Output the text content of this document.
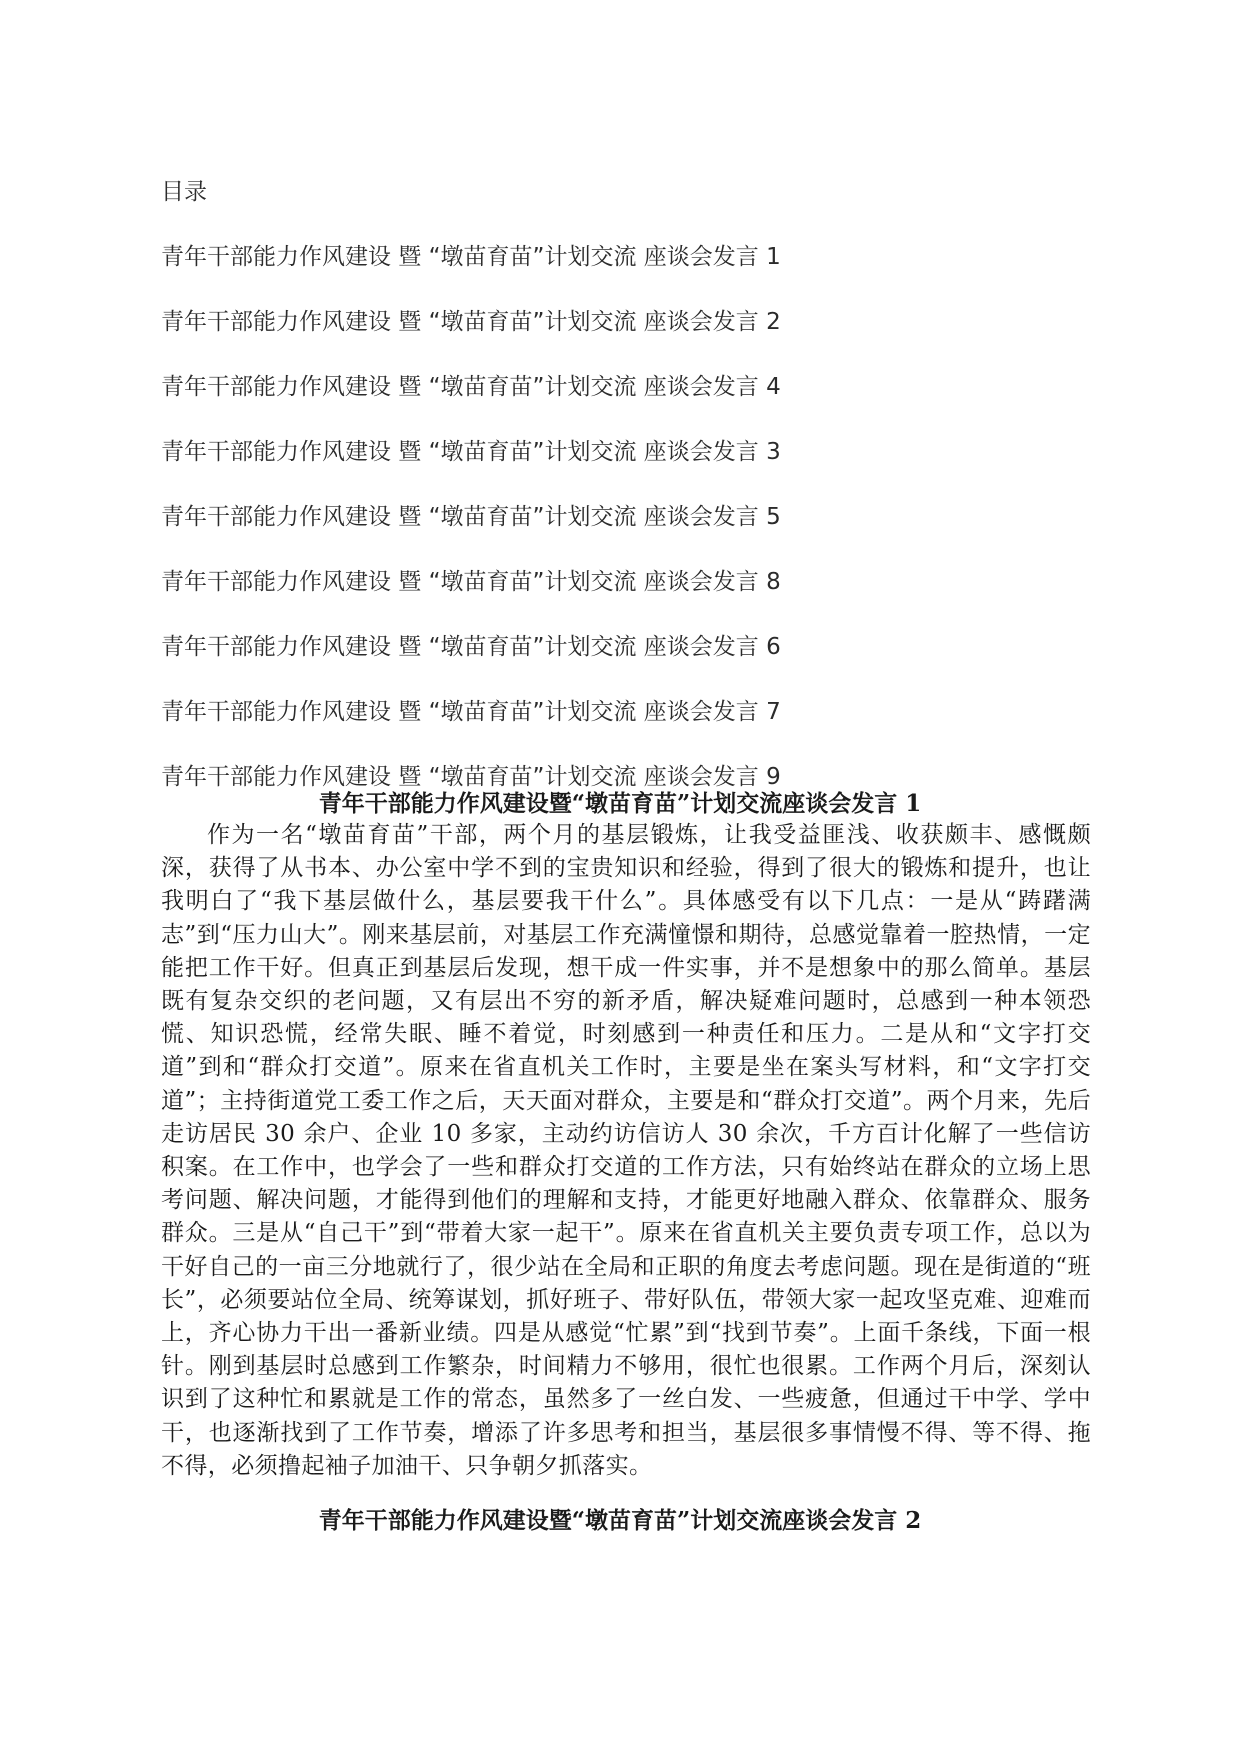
目录
青年干部能力作风建设 暨 “墩苗育苗”计划交流 座谈会发言 1
青年干部能力作风建设 暨 “墩苗育苗”计划交流 座谈会发言 2
青年干部能力作风建设 暨 “墩苗育苗”计划交流 座谈会发言 4
青年干部能力作风建设 暨 “墩苗育苗”计划交流 座谈会发言 3
青年干部能力作风建设 暨 “墩苗育苗”计划交流 座谈会发言 5
青年干部能力作风建设 暨 “墩苗育苗”计划交流 座谈会发言 8
青年干部能力作风建设 暨 “墩苗育苗”计划交流 座谈会发言 6
青年干部能力作风建设 暨 “墩苗育苗”计划交流 座谈会发言 7
青年干部能力作风建设 暨 “墩苗育苗”计划交流 座谈会发言 9
青年干部能力作风建设暨“墩苗育苗”计划交流座谈会发言 1

作为一名“墩苗育苗”干部，两个月的基层锻炼，让我受益匪浅、收获颇丰、感慨颇深，获得了从书本、办公室中学不到的宝贵知识和经验，得到了很大的锻炼和提升，也让我明白了“我下基层做什么，基层要我干什么”。具体感受有以下几点：一是从“踌躇满志”到“压力山大”。刚来基层前，对基层工作充满憧憬和期待，总感觉靠着一腔热情，一定能把工作干好。但真正到基层后发现，想干成一件实事，并不是想象中的那么简单。基层既有复杂交织的老问题，又有层出不穷的新矛盾，解决疑难问题时，总感到一种本领恐慌、知识恐慌，经常失眠、睡不着觉，时刻感到一种责任和压力。二是从和“文字打交道”到和“群众打交道”。原来在省直机关工作时，主要是坐在案头写材料，和“文字打交道”；主持街道党工委工作之后，天天面对群众，主要是和“群众打交道”。两个月来，先后走访居民 30 余户、企业 10 多家，主动约访信访人 30 余次，千方百计化解了一些信访积案。在工作中，也学会了一些和群众打交道的工作方法，只有始终站在群众的立场上思考问题、解决问题，才能得到他们的理解和支持，才能更好地融入群众、依靠群众、服务群众。三是从“自己干”到“带着大家一起干”。原来在省直机关主要负责专项工作，总以为干好自己的一亩三分地就行了，很少站在全局和正职的角度去考虑问题。现在是街道的“班长”，必须要站位全局、统筹谋划，抓好班子、带好队伍，带领大家一起攻坚克难、迎难而上，齐心协力干出一番新业绩。四是从感觉“忙累”到“找到节奏”。上面千条线，下面一根针。刚到基层时总感到工作繁杂，时间精力不够用，很忙也很累。工作两个月后，深刻认识到了这种忙和累就是工作的常态，虽然多了一丝白发、一些疲惫，但通过干中学、学中干，也逐渐找到了工作节奏，增添了许多思考和担当，基层很多事情慢不得、等不得、拖不得，必须撸起袖子加油干、只争朝夕抓落实。

青年干部能力作风建设暨“墩苗育苗”计划交流座谈会发言 2
